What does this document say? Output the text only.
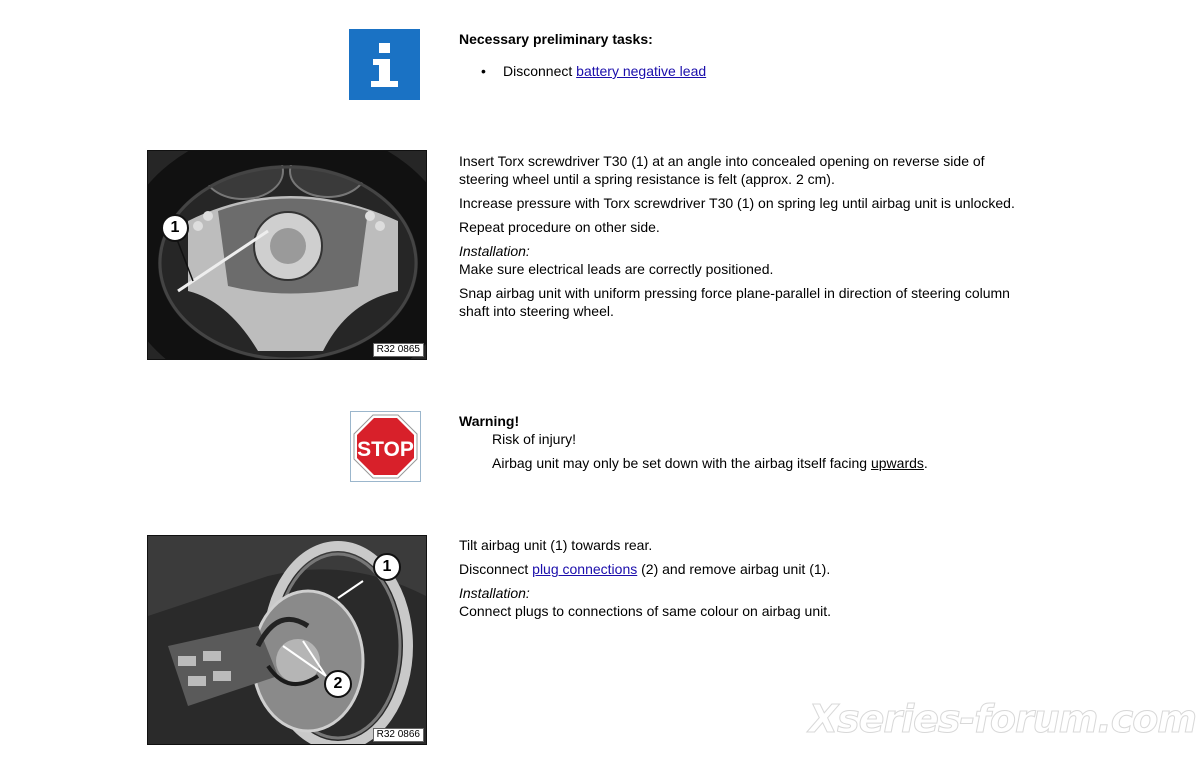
Necessary preliminary tasks:

• Disconnect battery negative lead

1
R32 0865

Insert Torx screwdriver T30 (1) at an angle into concealed opening on reverse side of steering wheel until a spring resistance is felt (approx. 2 cm).

Increase pressure with Torx screwdriver T30 (1) on spring leg until airbag unit is unlocked.

Repeat procedure on other side.

Installation:

Make sure electrical leads are correctly positioned.

Snap airbag unit with uniform pressing force plane-parallel in direction of steering column shaft into steering wheel.

STOP

Warning!

Risk of injury!

Airbag unit may only be set down with the airbag itself facing upwards.

1
2
R32 0866

Tilt airbag unit (1) towards rear.

Disconnect plug connections (2) and remove airbag unit (1).

Installation:

Connect plugs to connections of same colour on airbag unit.

Xseries-forum.com
